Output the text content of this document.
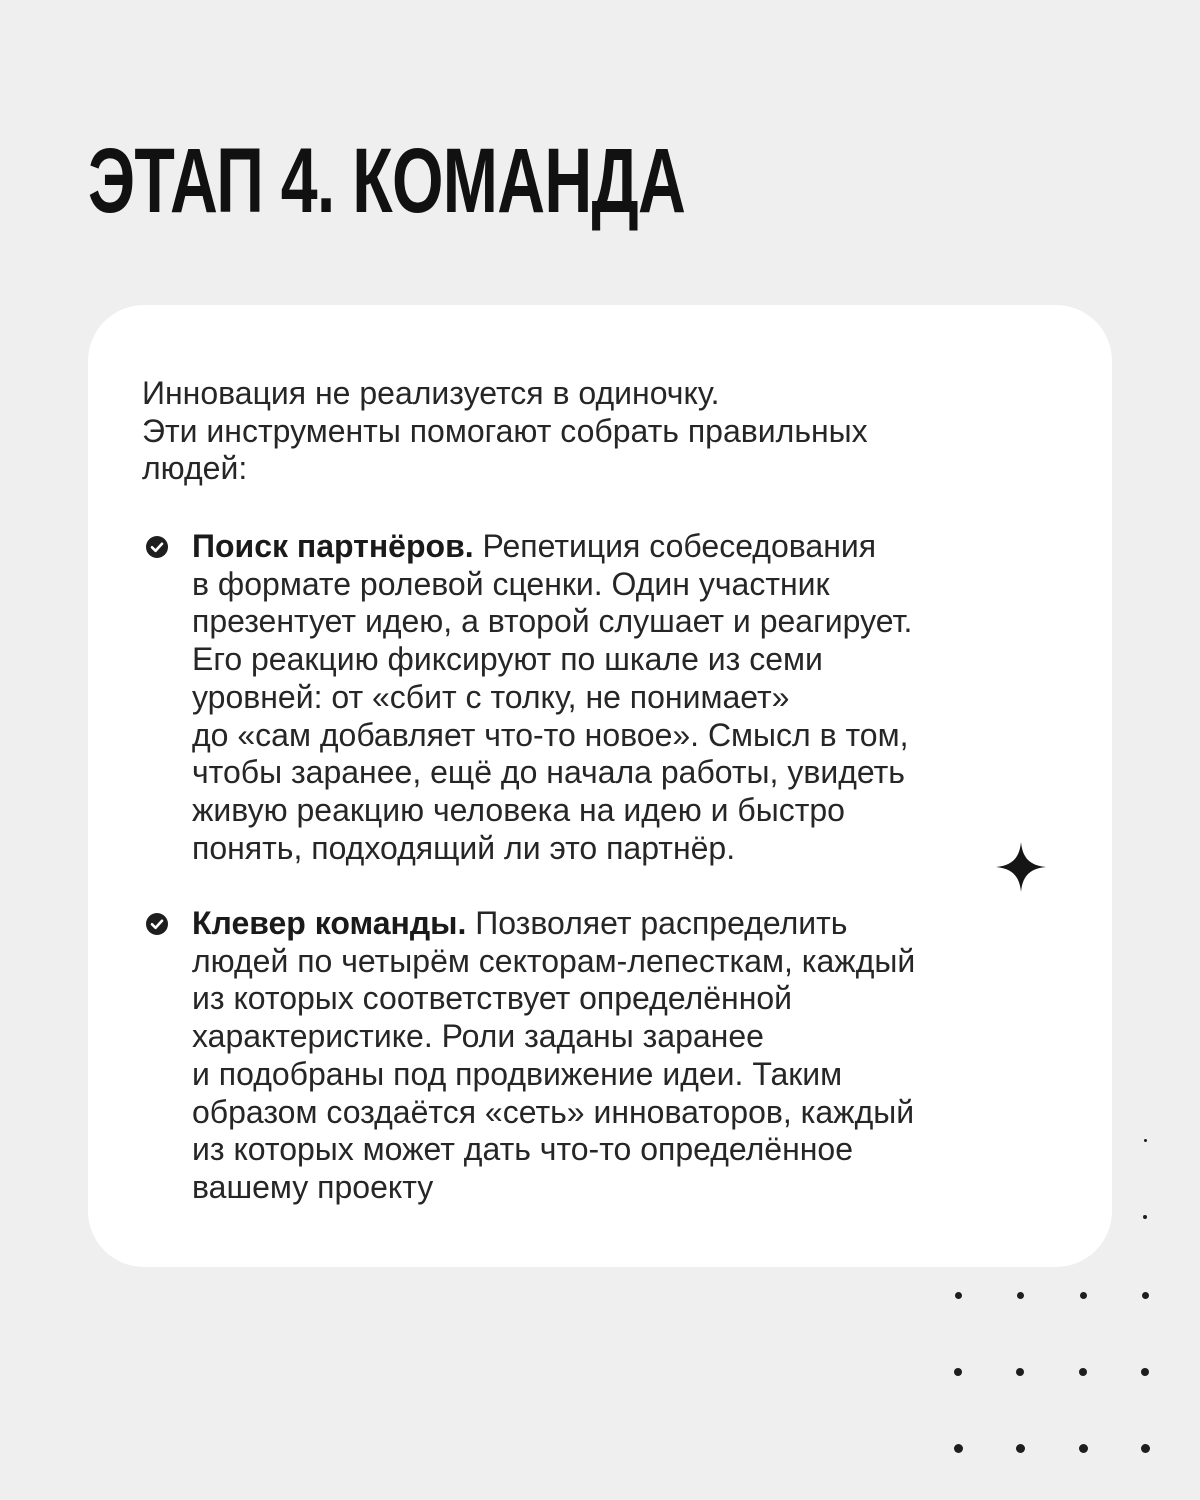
ЭТАП 4. КОМАНДА
Инновация не реализуется в одиночку.
Эти инструменты помогают собрать правильных
людей:
Поиск партнёров. Репетиция собеседования
в формате ролевой сценки. Один участник
презентует идею, а второй слушает и реагирует.
Его реакцию фиксируют по шкале из семи
уровней: от «сбит с толку, не понимает»
до «сам добавляет что-то новое». Смысл в том,
чтобы заранее, ещё до начала работы, увидеть
живую реакцию человека на идею и быстро
понять, подходящий ли это партнёр.
Клевер команды. Позволяет распределить
людей по четырём секторам-лепесткам, каждый
из которых соответствует определённой
характеристике. Роли заданы заранее
и подобраны под продвижение идеи. Таким
образом создаётся «сеть» инноваторов, каждый
из которых может дать что-то определённое
вашему проекту
